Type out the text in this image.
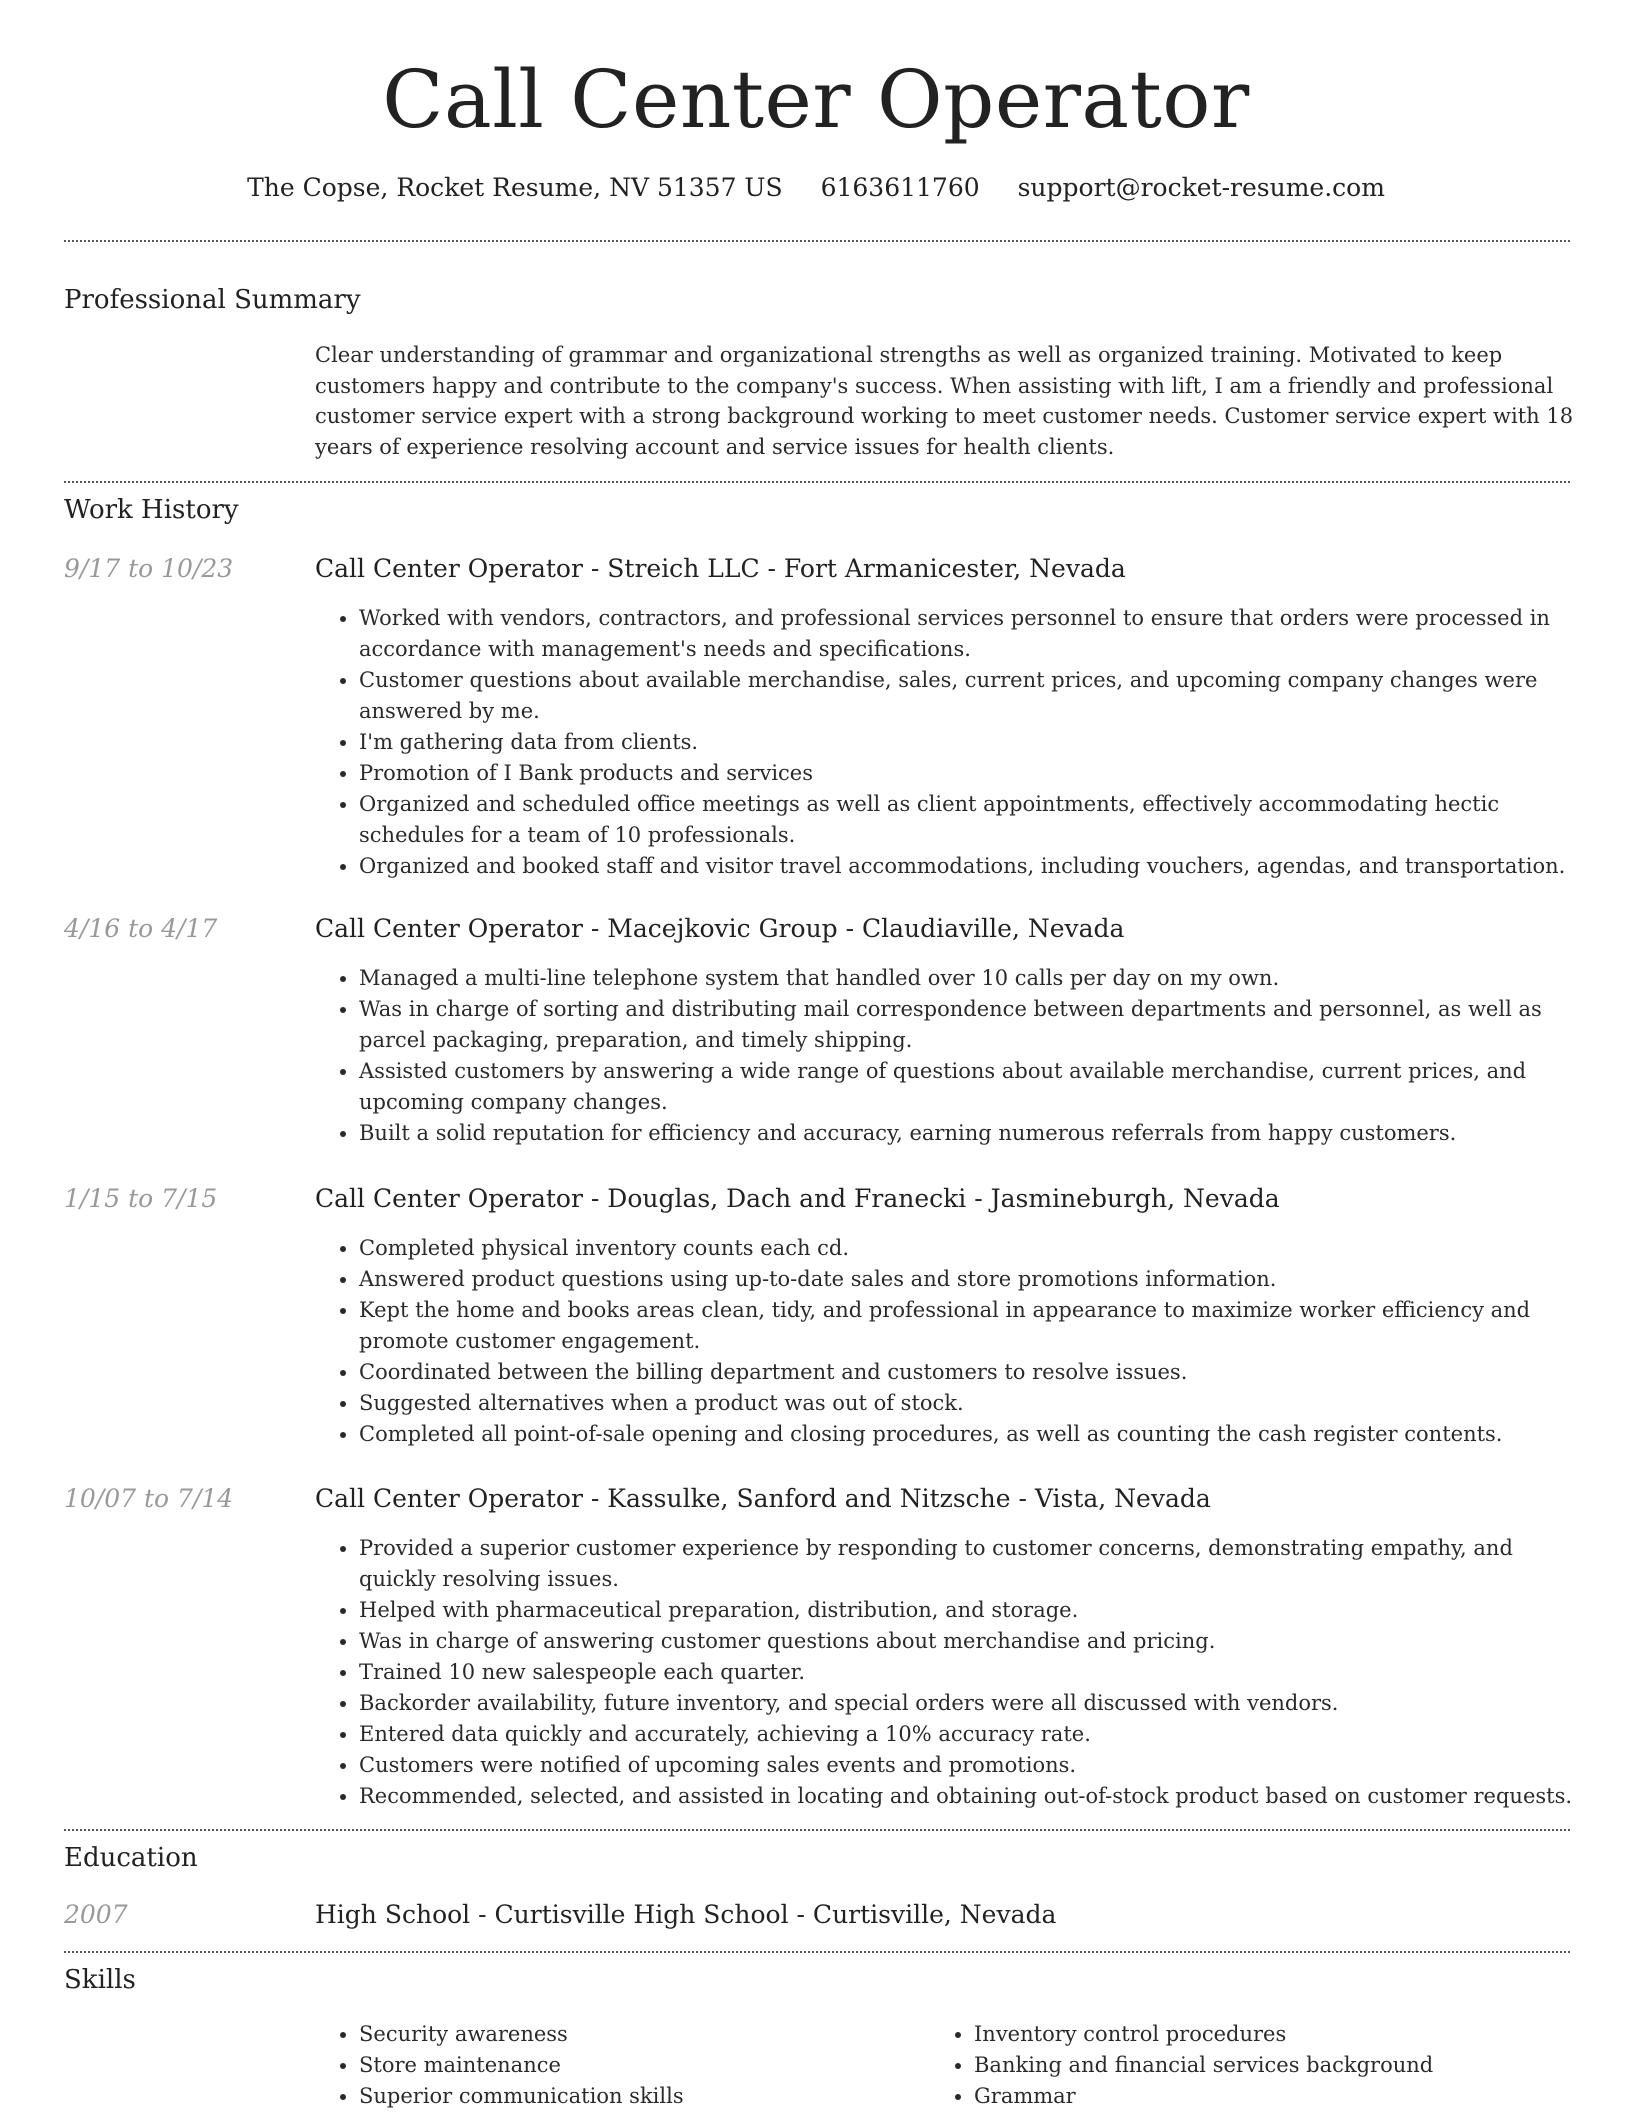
Call Center Operator
The Copse, Rocket Resume, NV 51357 US 6163611760 support@rocket-resume.com
Professional Summary

Clear understanding of grammar and organizational strengths as well as organized training. Motivated to keep customers happy and contribute to the company's success. When assisting with lift, I am a friendly and professional customer service expert with a strong background working to meet customer needs. Customer service expert with 18 years of experience resolving account and service issues for health clients.

Work History
9/17 to 10/23	Call Center Operator - Streich LLC - Fort Armanicester, Nevada
• Worked with vendors, contractors, and professional services personnel to ensure that orders were processed in accordance with management's needs and specifications.
• Customer questions about available merchandise, sales, current prices, and upcoming company changes were answered by me.
• I'm gathering data from clients.
• Promotion of I Bank products and services
• Organized and scheduled office meetings as well as client appointments, effectively accommodating hectic schedules for a team of 10 professionals.
• Organized and booked staff and visitor travel accommodations, including vouchers, agendas, and transportation.
4/16 to 4/17	Call Center Operator - Macejkovic Group - Claudiaville, Nevada
• Managed a multi-line telephone system that handled over 10 calls per day on my own.
• Was in charge of sorting and distributing mail correspondence between departments and personnel, as well as parcel packaging, preparation, and timely shipping.
• Assisted customers by answering a wide range of questions about available merchandise, current prices, and upcoming company changes.
• Built a solid reputation for efficiency and accuracy, earning numerous referrals from happy customers.
1/15 to 7/15	Call Center Operator - Douglas, Dach and Franecki - Jasmineburgh, Nevada
• Completed physical inventory counts each cd.
• Answered product questions using up-to-date sales and store promotions information.
• Kept the home and books areas clean, tidy, and professional in appearance to maximize worker efficiency and promote customer engagement.
• Coordinated between the billing department and customers to resolve issues.
• Suggested alternatives when a product was out of stock.
• Completed all point-of-sale opening and closing procedures, as well as counting the cash register contents.
10/07 to 7/14	Call Center Operator - Kassulke, Sanford and Nitzsche - Vista, Nevada
• Provided a superior customer experience by responding to customer concerns, demonstrating empathy, and quickly resolving issues.
• Helped with pharmaceutical preparation, distribution, and storage.
• Was in charge of answering customer questions about merchandise and pricing.
• Trained 10 new salespeople each quarter.
• Backorder availability, future inventory, and special orders were all discussed with vendors.
• Entered data quickly and accurately, achieving a 10% accuracy rate.
• Customers were notified of upcoming sales events and promotions.
• Recommended, selected, and assisted in locating and obtaining out-of-stock product based on customer requests.
Education
2007	High School - Curtisville High School - Curtisville, Nevada
Skills
• Security awareness
• Store maintenance
• Superior communication skills
• Inventory control procedures
• Banking and financial services background
• Grammar
